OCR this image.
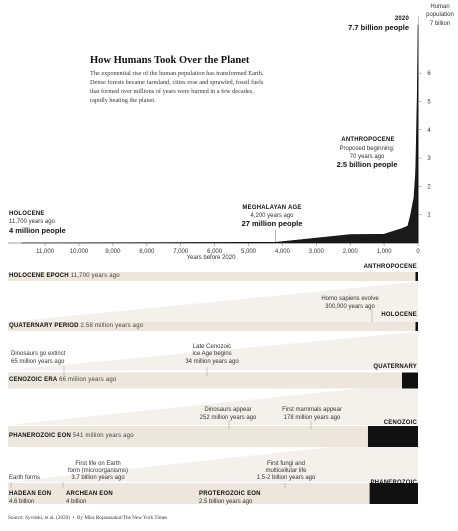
11,000	10,000	9,000	8,000	7,000	6,000	5,000	4,000	3,000	2,000	1,000	0
1
2
3
4
5
6
How Humans Took Over the Planet
The exponential rise of the human population has transformed Earth. Dense forests became farmland, cities rose and sprawled, fossil fuels that formed over millions of years were burned in a few decades, rapidly heating the planet.
Human
population
7 billion
2020
7.7 billion people
ANTHROPOCENE
Proposed beginning:
70 years ago
2.5 billion people
HOLOCENE
11,700 years ago
4 million people
MEGHALAYAN AGE
4,200 years ago
27 million people
Years before 2020
HOLOCENE EPOCH 11,700 years ago
ANTHROPOCENE
Homo sapiens evolve
300,000 years ago
HOLOCENE
QUATERNARY PERIOD 2.58 million years ago
Dinosaurs go extinct
65 million years ago
Late Cenozoic
Ice Age begins
34 million years ago
QUATERNARY
CENOZOIC ERA 66 million years ago
Dinosaurs appear
252 million years ago
First mammals appear
178 million years ago
CENOZOIC
PHANEROZOIC EON 541 million years ago
Earth forms
First life on Earth
form (microorganisms)
3.7 billion years ago
First fungi and
multicellular life
1.5-2 billion years ago
PHANEROZOIC
HADEAN EON
4.6 billion
ARCHEAN EON
4 billion
PROTEROZOIC EON
2.5 billion years ago
Source: Syvitski, et al. (2020)  •  By Mira Rojanasakul/The New York Times
